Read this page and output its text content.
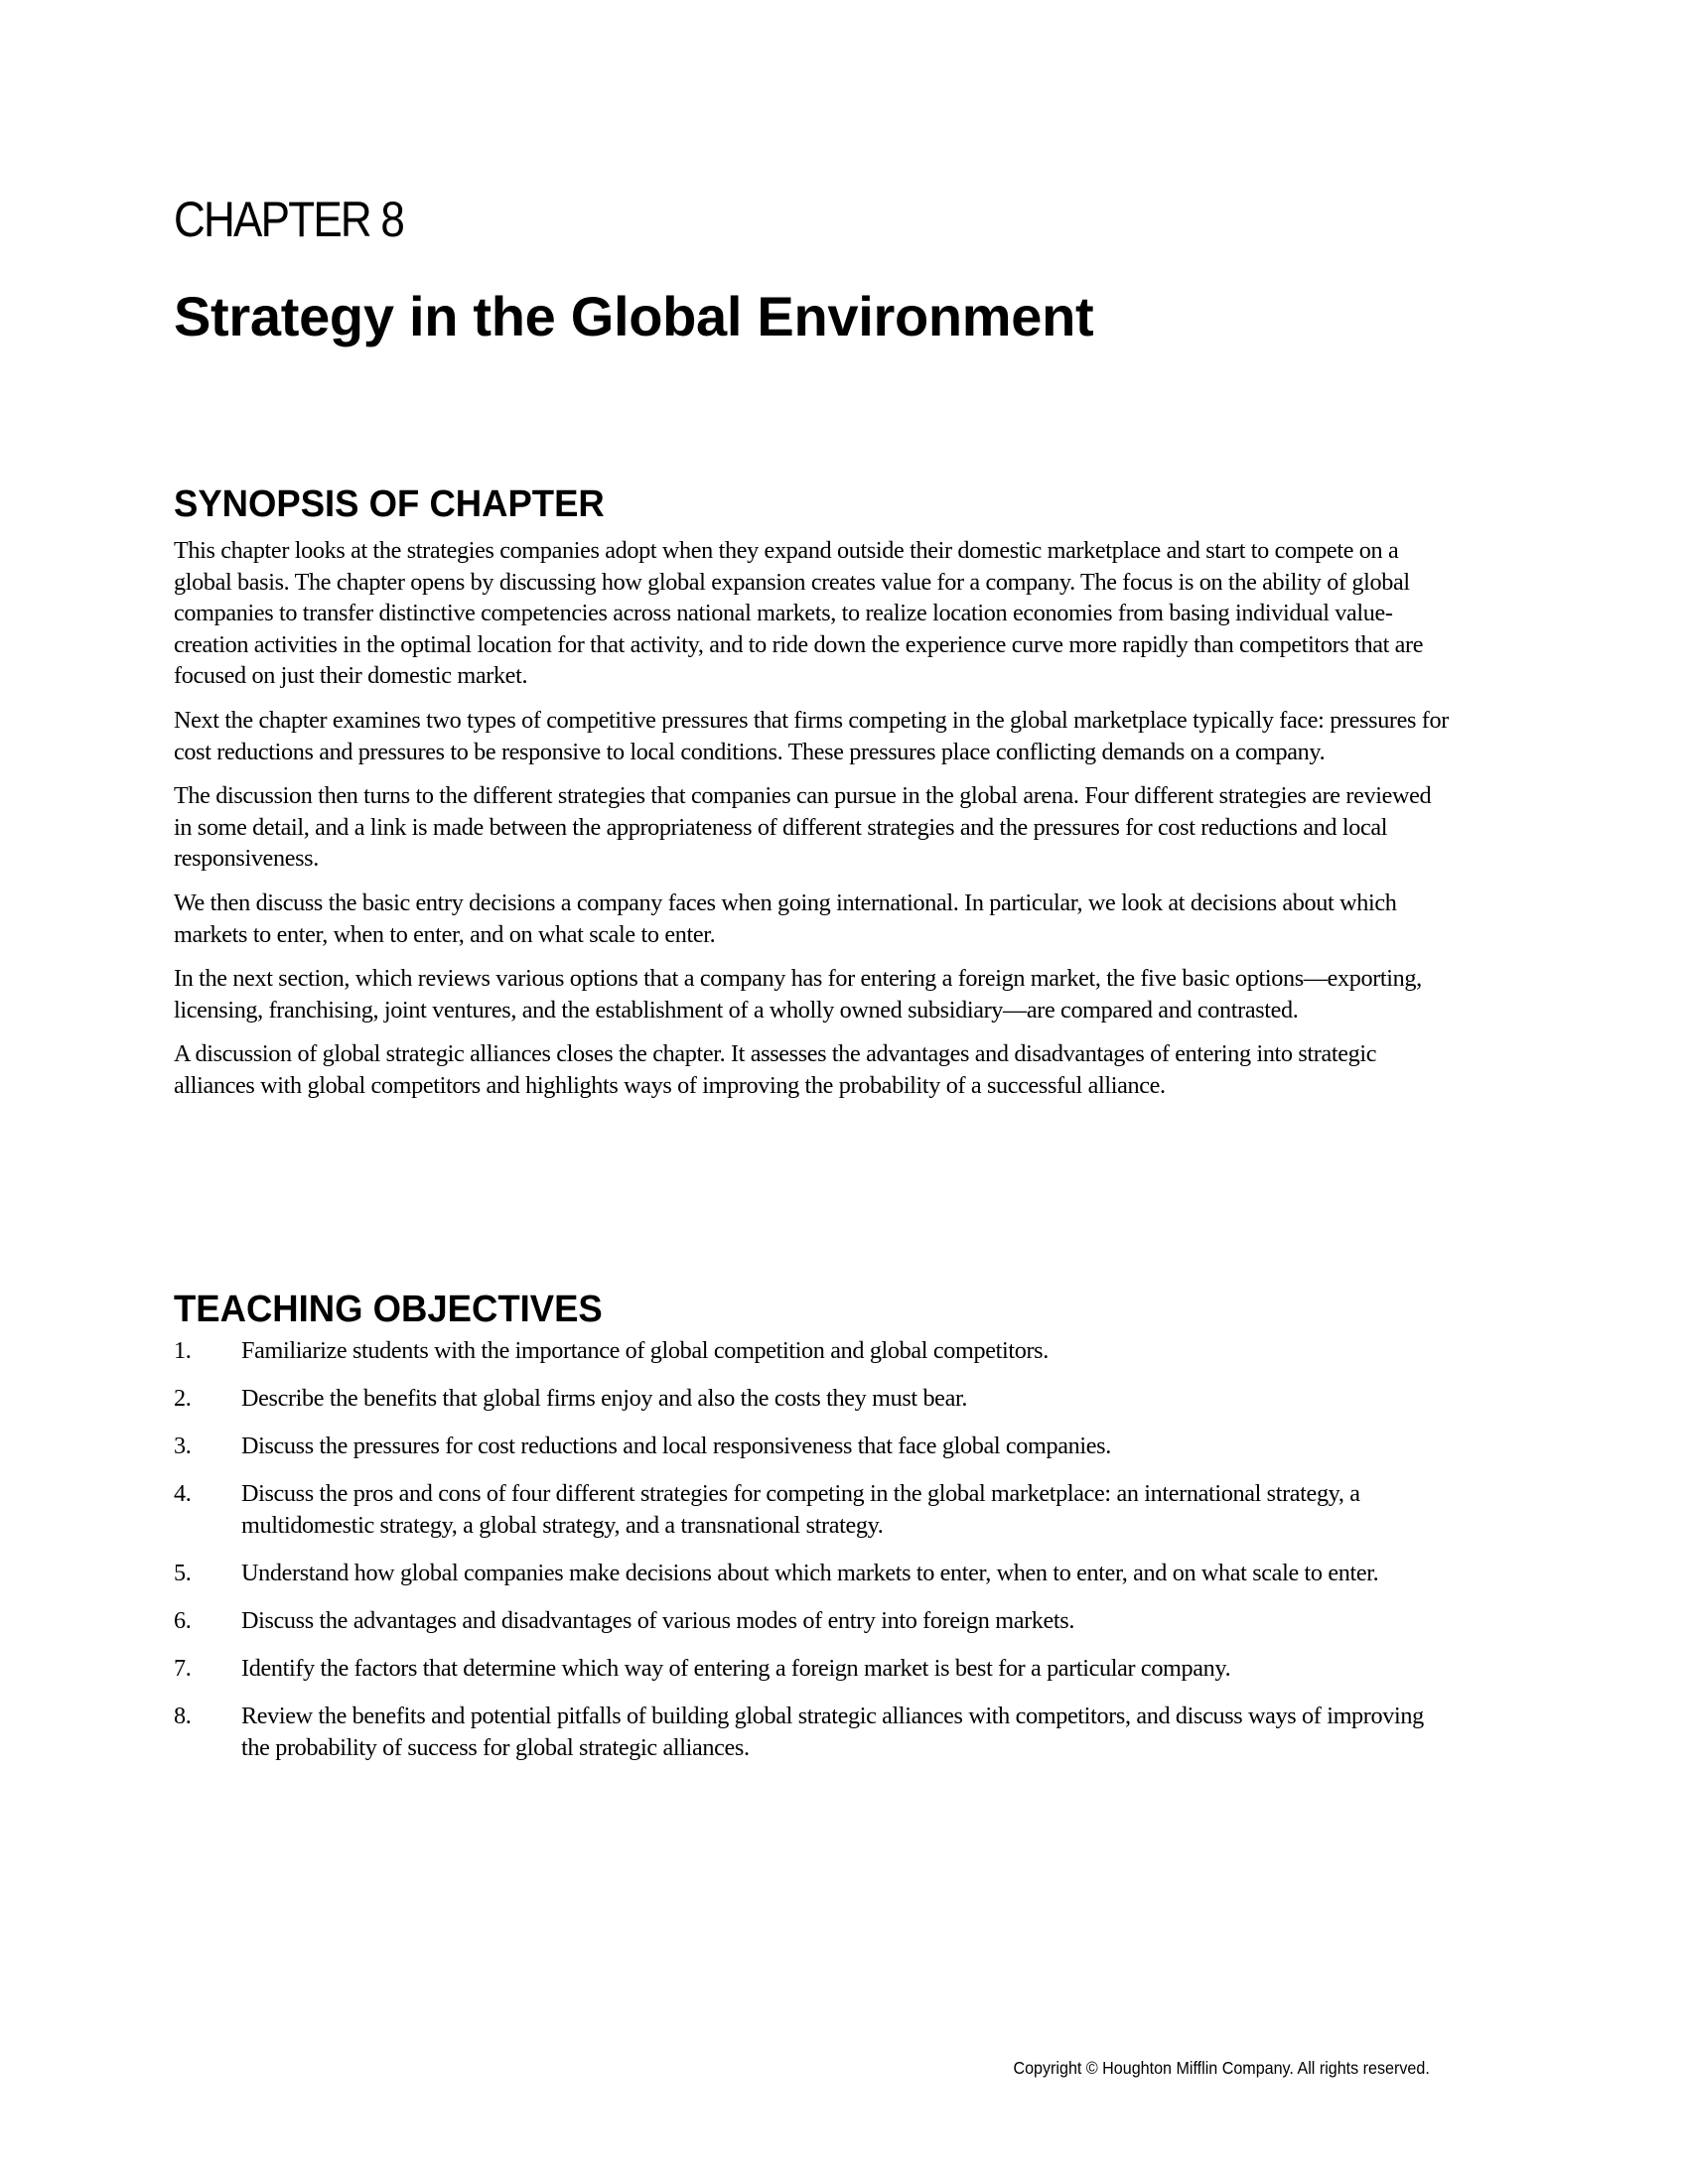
CHAPTER 8
Strategy in the Global Environment
SYNOPSIS OF CHAPTER

This chapter looks at the strategies companies adopt when they expand outside their domestic marketplace and start to compete on a global basis. The chapter opens by discussing how global expansion creates value for a company. The focus is on the ability of global companies to transfer distinctive competencies across national markets, to realize location economies from basing individual value-creation activities in the optimal location for that activity, and to ride down the experience curve more rapidly than competitors that are focused on just their domestic market.

Next the chapter examines two types of competitive pressures that firms competing in the global marketplace typically face: pressures for cost reductions and pressures to be responsive to local conditions. These pressures place conflicting demands on a company.

The discussion then turns to the different strategies that companies can pursue in the global arena. Four different strategies are reviewed in some detail, and a link is made between the appropriateness of different strategies and the pressures for cost reductions and local responsiveness.

We then discuss the basic entry decisions a company faces when going international. In particular, we look at decisions about which markets to enter, when to enter, and on what scale to enter.

In the next section, which reviews various options that a company has for entering a foreign market, the five basic options—exporting, licensing, franchising, joint ventures, and the establishment of a wholly owned subsidiary—are compared and contrasted.

A discussion of global strategic alliances closes the chapter. It assesses the advantages and disadvantages of entering into strategic alliances with global competitors and highlights ways of improving the probability of a successful alliance.

TEACHING OBJECTIVES
1. Familiarize students with the importance of global competition and global competitors.
2. Describe the benefits that global firms enjoy and also the costs they must bear.
3. Discuss the pressures for cost reductions and local responsiveness that face global companies.
4. Discuss the pros and cons of four different strategies for competing in the global marketplace: an international strategy, a multidomestic strategy, a global strategy, and a transnational strategy.
5. Understand how global companies make decisions about which markets to enter, when to enter, and on what scale to enter.
6. Discuss the advantages and disadvantages of various modes of entry into foreign markets.
7. Identify the factors that determine which way of entering a foreign market is best for a particular company.
8. Review the benefits and potential pitfalls of building global strategic alliances with competitors, and discuss ways of improving the probability of success for global strategic alliances.
Copyright © Houghton Mifflin Company. All rights reserved.
